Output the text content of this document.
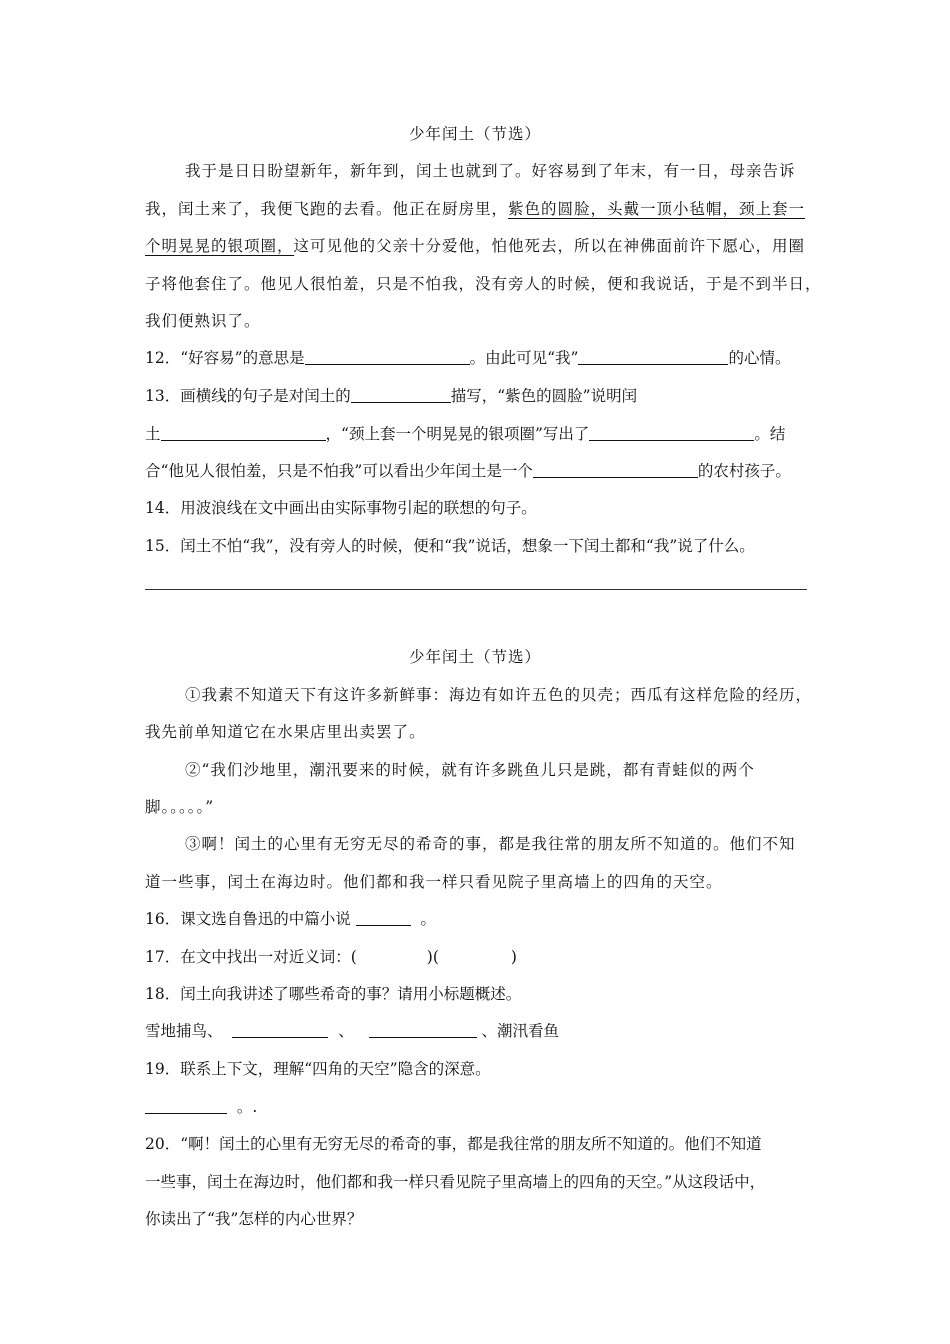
少年闰土（节选）
我于是日日盼望新年，新年到，闰土也就到了。好容易到了年末，有一日，母亲告诉
我，闰土来了，我便飞跑的去看。他正在厨房里，紫色的圆脸，头戴一顶小毡帽，颈上套一
个明晃晃的银项圈，这可见他的父亲十分爱他，怕他死去，所以在神佛面前许下愿心，用圈
子将他套住了。他见人很怕羞，只是不怕我，没有旁人的时候，便和我说话，于是不到半日，
我们便熟识了。
12．“好容易”的意思是	。由此可见“我”	的心情。
13．画横线的句子是对闰土的	描写，“紫色的圆脸”说明闰
土	，“颈上套一个明晃晃的银项圈”写出了	。结
合“他见人很怕羞，只是不怕我”可以看出少年闰土是一个	的农村孩子。
14．用波浪线在文中画出由实际事物引起的联想的句子。
15．闰土不怕“我”，没有旁人的时候，便和“我”说话，想象一下闰土都和“我”说了什么。
少年闰土（节选）
①我素不知道天下有这许多新鲜事：海边有如许五色的贝壳；西瓜有这样危险的经历，
我先前单知道它在水果店里出卖罢了。
②“我们沙地里，潮汛要来的时候，就有许多跳鱼儿只是跳，都有青蛙似的两个
脚。。。。。”
③啊！闰土的心里有无穷无尽的希奇的事，都是我往常的朋友所不知道的。他们不知
道一些事，闰土在海边时。他们都和我一样只看见院子里高墙上的四角的天空。
16．课文选自鲁迅的中篇小说	。
17．在文中找出一对近义词：(	)(	)
18．闰土向我讲述了哪些希奇的事？请用小标题概述。
雪地捕鸟、	、	、潮汛看鱼
19．联系上下文，理解“四角的天空”隐含的深意。
。.
20．“啊！闰土的心里有无穷无尽的希奇的事，都是我往常的朋友所不知道的。他们不知道
一些事，闰土在海边时，他们都和我一样只看见院子里高墙上的四角的天空。”从这段话中，
你读出了“我”怎样的内心世界？
